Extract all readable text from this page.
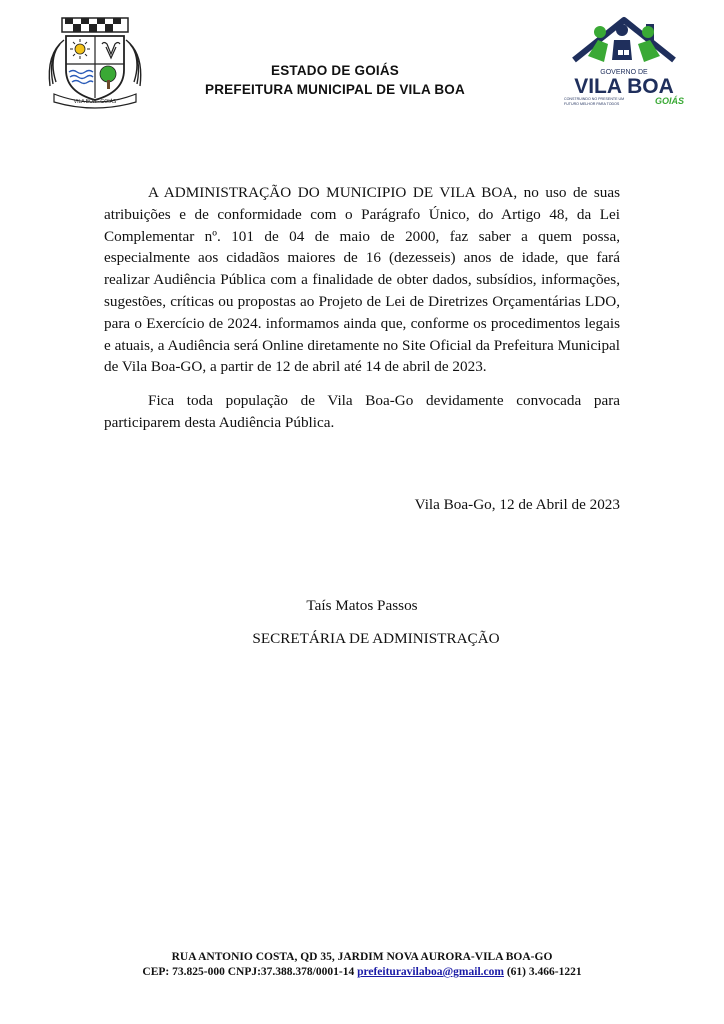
VILA BOA · GOIÁS
ESTADO DE GOIÁS
PREFEITURA MUNICIPAL DE VILA BOA
GOVERNO DE
VILA BOA
CONSTRUINDO NO PRESENTE UM
FUTURO MELHOR PARA TODOS	GOIÁS

A ADMINISTRAÇÃO DO MUNICIPIO DE VILA BOA, no uso de suas atribuições e de conformidade com o Parágrafo Único, do Artigo 48, da Lei Complementar nº. 101 de 04 de maio de 2000, faz saber a quem possa, especialmente aos cidadãos maiores de 16 (dezesseis) anos de idade, que fará realizar Audiência Pública com a finalidade de obter dados, subsídios, informações, sugestões, críticas ou propostas ao Projeto de Lei de Diretrizes Orçamentárias LDO, para o Exercício de 2024. informamos ainda que, conforme os procedimentos legais e atuais, a Audiência será Online diretamente no Site Oficial da Prefeitura Municipal de Vila Boa-GO, a partir de 12 de abril até 14 de abril de 2023.

Fica toda população de Vila Boa-Go devidamente convocada para participarem desta Audiência Pública.

Vila Boa-Go, 12 de Abril de 2023
Taís Matos Passos
SECRETÁRIA DE ADMINISTRAÇÃO
RUA ANTONIO COSTA, QD 35, JARDIM NOVA AURORA-VILA BOA-GO
CEP: 73.825-000 CNPJ:37.388.378/0001-14 prefeituravilaboa@gmail.com (61) 3.466-1221
